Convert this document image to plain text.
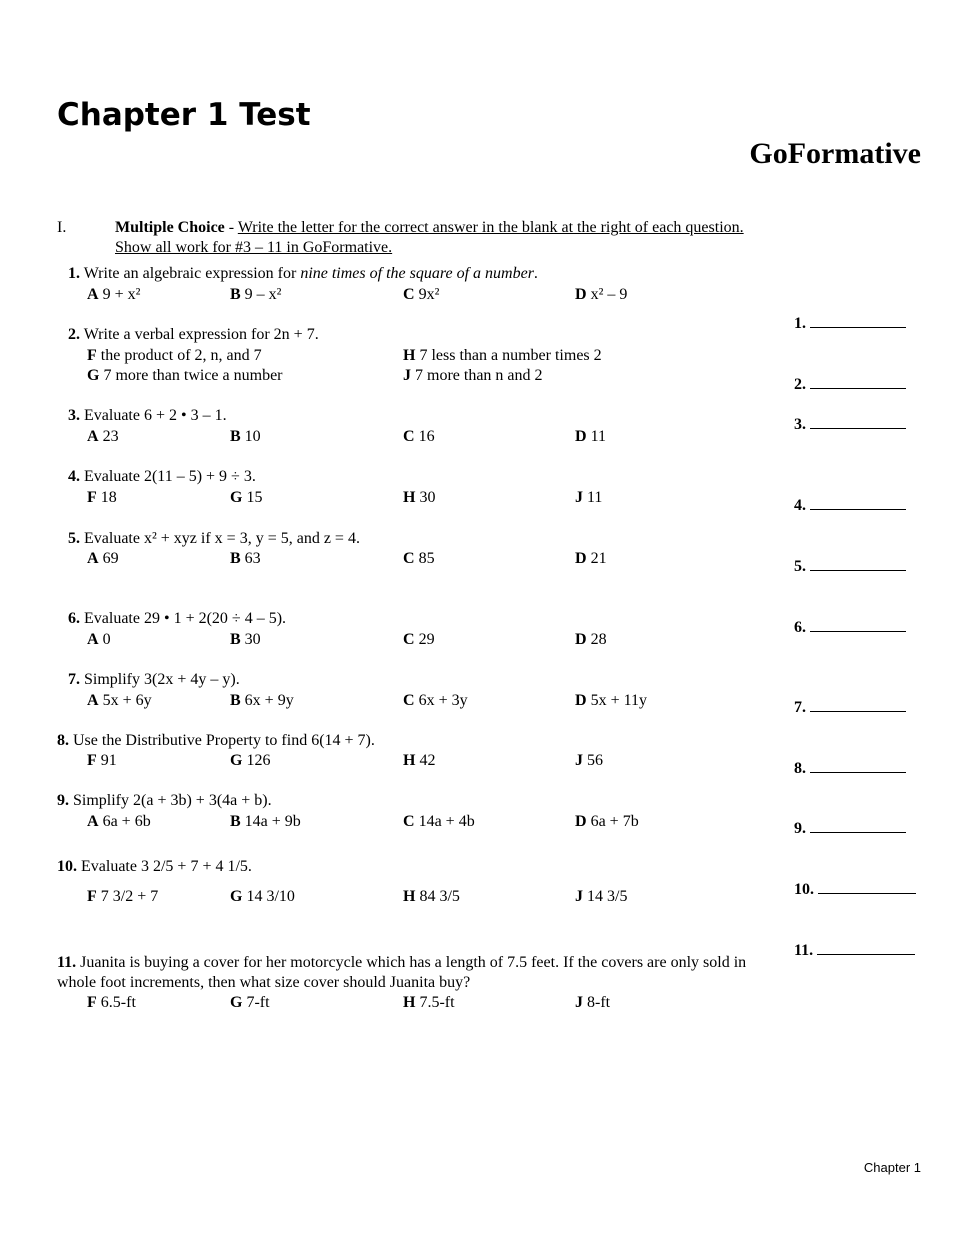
Chapter 1 Test
GoFormative
I.	Multiple Choice - Write the letter for the correct answer in the blank at the right of each question. Show all work for #3 – 11 in GoFormative.
1. Write an algebraic expression for nine times of the square of a number.
A 9 + x²	B 9 – x²	C 9x²	D x² – 9
2. Write a verbal expression for 2n + 7.
F the product of 2, n, and 7	H 7 less than a number times 2
G 7 more than twice a number	J 7 more than n and 2
3. Evaluate 6 + 2 • 3 – 1.
A 23	B 10	C 16	D 11
4. Evaluate 2(11 – 5) + 9 ÷ 3.
F 18	G 15	H 30	J 11
5. Evaluate x² + xyz if x = 3, y = 5, and z = 4.
A 69	B 63	C 85	D 21
6. Evaluate 29 • 1 + 2(20 ÷ 4 – 5).
A 0	B 30	C 29	D 28
7. Simplify 3(2x + 4y – y).
A 5x + 6y	B 6x + 9y	C 6x + 3y	D 5x + 11y
8. Use the Distributive Property to find 6(14 + 7).
F 91	G 126	H 42	J 56
9. Simplify 2(a + 3b) + 3(4a + b).
A 6a + 6b	B 14a + 9b	C 14a + 4b	D 6a + 7b
10. Evaluate 3 2/5 + 7 + 4 1/5.
F 7 3/2 + 7	G 14 3/10	H 84 3/5	J 14 3/5
11. Juanita is buying a cover for her motorcycle which has a length of 7.5 feet. If the covers are only sold in whole foot increments, then what size cover should Juanita buy?
F 6.5-ft	G 7-ft	H 7.5-ft	J 8-ft
1.
2.
3.
4.
5.
6.
7.
8.
9.
10.
11.
Chapter 1
